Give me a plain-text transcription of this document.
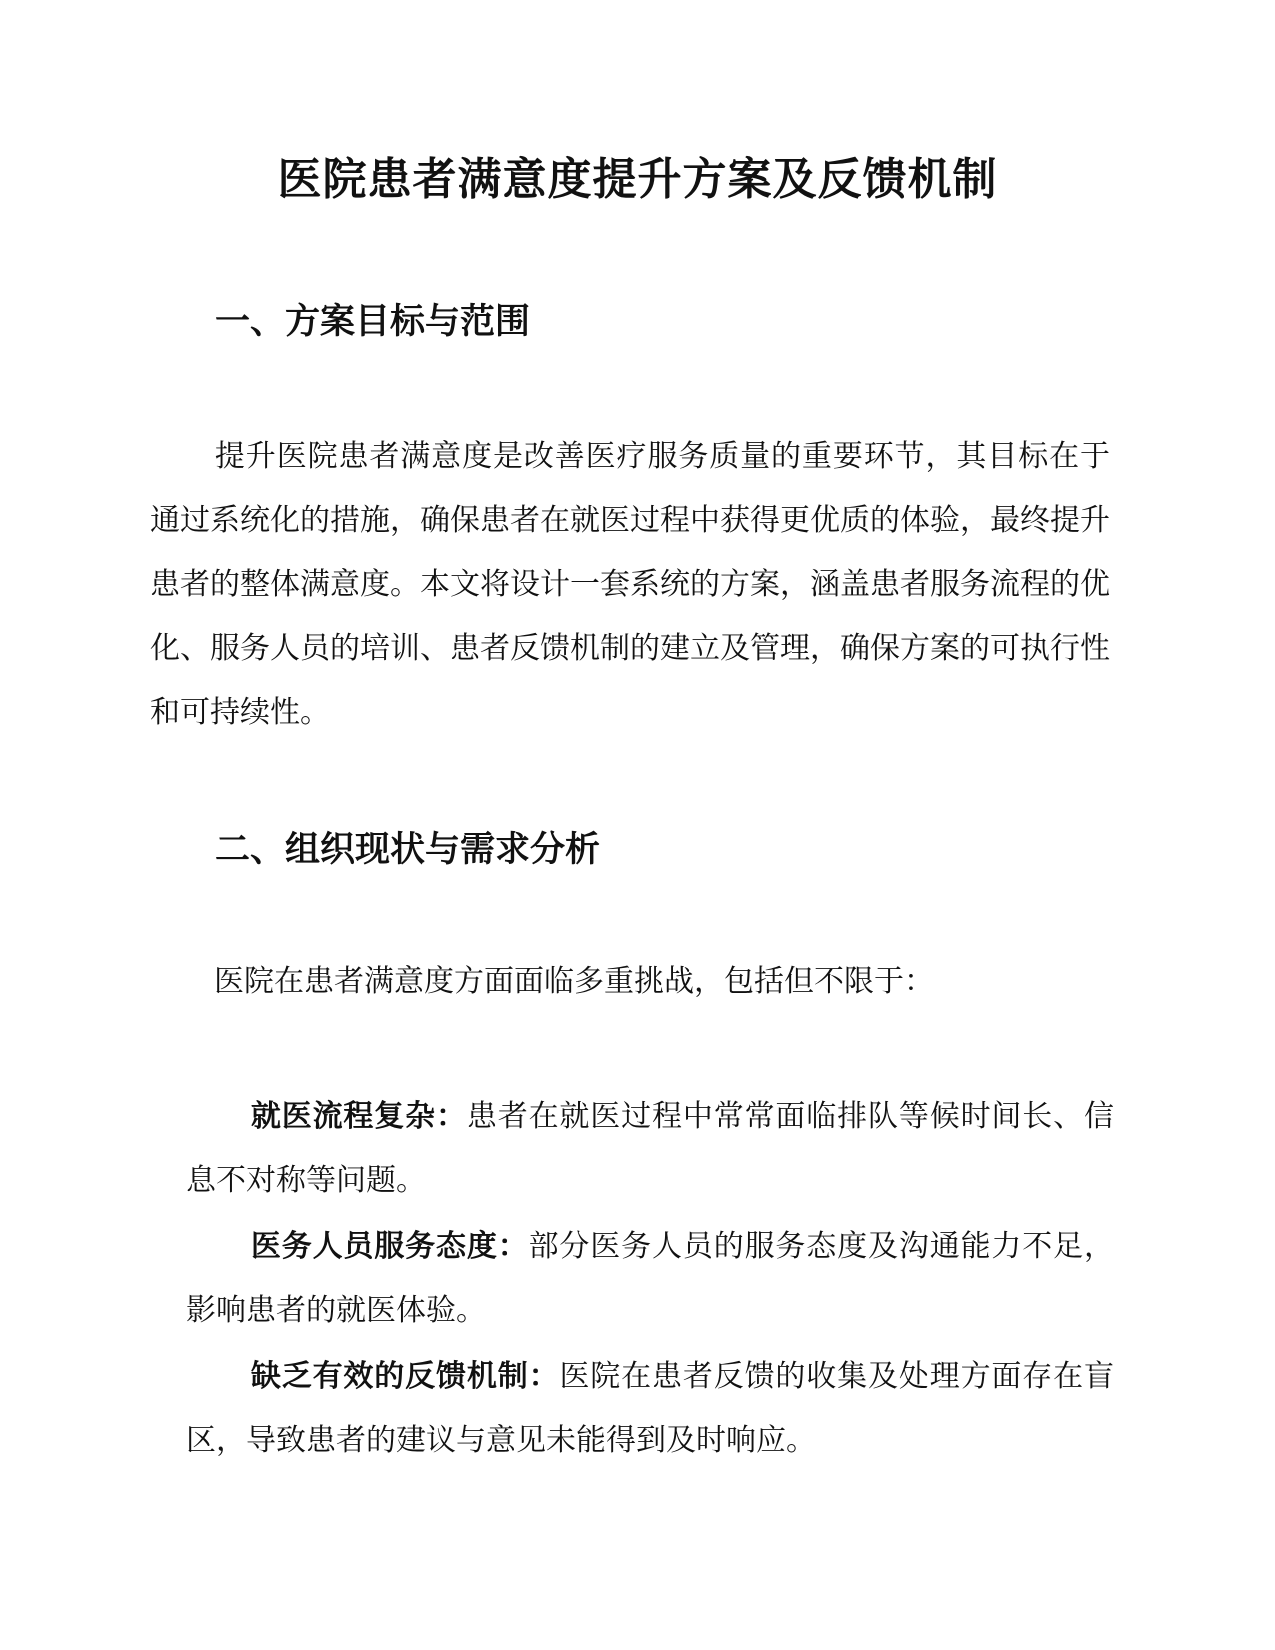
医院患者满意度提升方案及反馈机制
一、方案目标与范围

提升医院患者满意度是改善医疗服务质量的重要环节，其目标在于通过系统化的措施，确保患者在就医过程中获得更优质的体验，最终提升患者的整体满意度。本文将设计一套系统的方案，涵盖患者服务流程的优化、服务人员的培训、患者反馈机制的建立及管理，确保方案的可执行性和可持续性。

二、组织现状与需求分析

医院在患者满意度方面面临多重挑战，包括但不限于：

就医流程复杂：患者在就医过程中常常面临排队等候时间长、信息不对称等问题。
医务人员服务态度：部分医务人员的服务态度及沟通能力不足，影响患者的就医体验。
缺乏有效的反馈机制：医院在患者反馈的收集及处理方面存在盲区，导致患者的建议与意见未能得到及时响应。
